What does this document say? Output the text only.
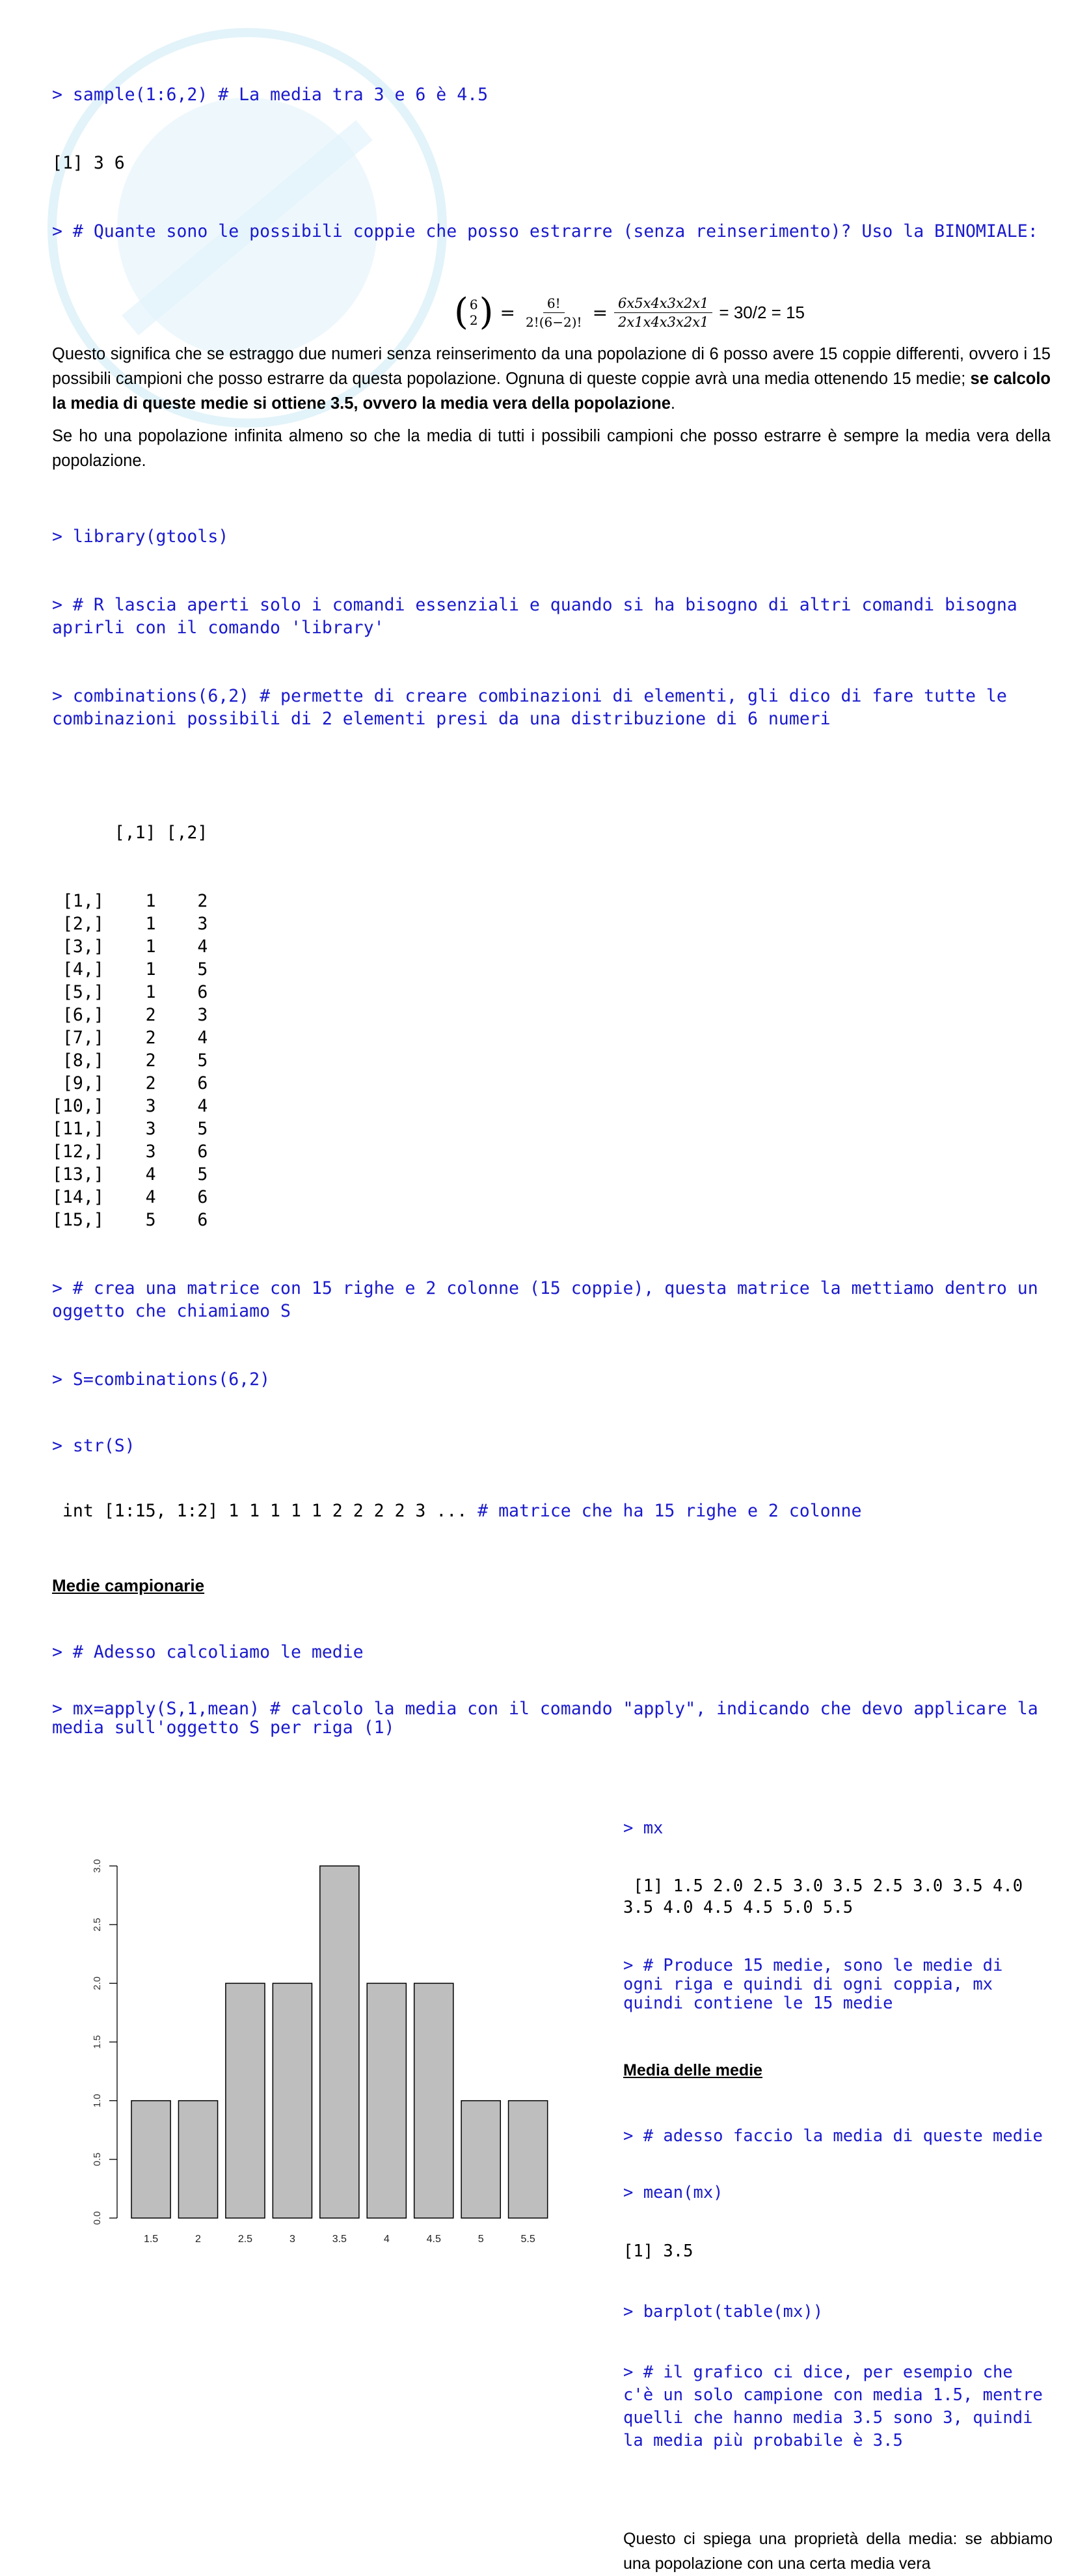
> sample(1:6,2) # La media tra 3 e 6 è 4.5

[1] 3 6

> # Quante sono le possibili coppie che posso estrarre (senza reinserimento)? Uso la BINOMIALE:

( 6
2 ) = $\frac{6!}{2!(6-2)!} = \frac{6x5x4x3x2x1}{2x1x4x3x2x1} = 30/2 = 15$

Questo significa che se estraggo due numeri senza reinserimento da una popolazione di 6 posso avere 15 coppie differenti, ovvero i 15 possibili campioni che posso estrarre da questa popolazione. Ognuna di queste coppie avrà una media ottenendo 15 medie; se calcolo la media di queste medie si ottiene 3.5, ovvero la media vera della popolazione.

Se ho una popolazione infinita almeno so che la media di tutti i possibili campioni che posso estrarre è sempre la media vera della popolazione.

> library(gtools)

> # R lascia aperti solo i comandi essenziali e quando si ha bisogno di altri comandi bisogna aprirli con il comando 'library'

> combinations(6,2) # permette di creare combinazioni di elementi, gli dico di fare tutte le combinazioni possibili di 2 elementi presi da una distribuzione di 6 numeri

[,1] [,2]

[1,]    1    2
[2,]    1    3
[3,]    1    4
[4,]    1    5
[5,]    1    6
[6,]    2    3
[7,]    2    4
[8,]    2    5
[9,]    2    6
[10,]    3    4
[11,]    3    5
[12,]    3    6
[13,]    4    5
[14,]    4    6
[15,]    5    6

> # crea una matrice con 15 righe e 2 colonne (15 coppie), questa matrice la mettiamo dentro un oggetto che chiamiamo S

> S=combinations(6,2)

> str(S)

int [1:15, 1:2] 1 1 1 1 1 2 2 2 2 3 ... # matrice che ha 15 righe e 2 colonne

Medie campionarie

> # Adesso calcoliamo le medie

> mx=apply(S,1,mean) # calcolo la media con il comando "apply", indicando che devo applicare la media sull'oggetto S per riga (1)

0.0
0.5
1.0
1.5
2.0
2.5
3.0
1.5	2	2.5	3	3.5	4	4.5	5	5.5

> mx

[1] 1.5 2.0 2.5 3.0 3.5 2.5 3.0 3.5 4.0 3.5 4.0 4.5 4.5 5.0 5.5

> # Produce 15 medie, sono le medie di ogni riga e quindi di ogni coppia, mx quindi contiene le 15 medie

Media delle medie

> # adesso faccio la media di queste medie

> mean(mx)

[1] 3.5

> barplot(table(mx))

> # il grafico ci dice, per esempio che c'è un solo campione con media 1.5, mentre quelli che hanno media 3.5 sono 3, quindi la media più probabile è 3.5

Questo ci spiega una proprietà della media: se abbiamo una popolazione con una certa media vera
